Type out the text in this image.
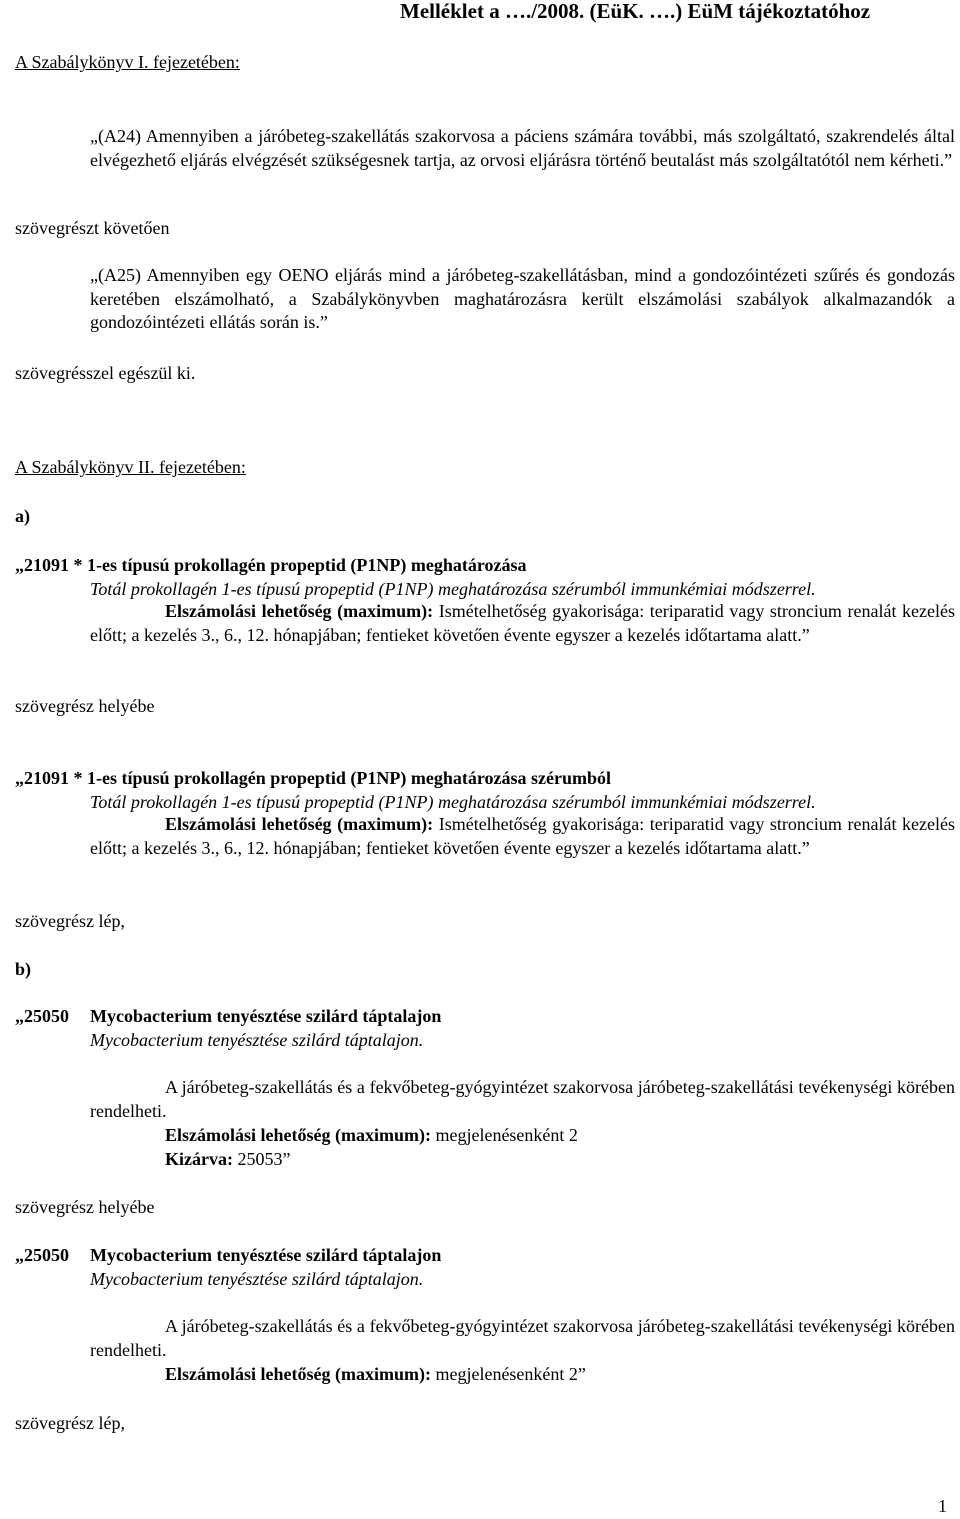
Melléklet a …./2008. (EüK. ….) EüM tájékoztatóhoz
A Szabálykönyv I. fejezetében:
„(A24) Amennyiben a járóbeteg-szakellátás szakorvosa a páciens számára további, más szolgáltató, szakrendelés által elvégezhető eljárás elvégzését szükségesnek tartja, az orvosi eljárásra történő beutalást más szolgáltatótól nem kérheti.”
szövegrészt követően
„(A25) Amennyiben egy OENO eljárás mind a járóbeteg-szakellátásban, mind a gondozóintézeti szűrés és gondozás keretében elszámolható, a Szabálykönyvben maghatározásra került elszámolási szabályok alkalmazandók a gondozóintézeti ellátás során is.”
szövegrésszel egészül ki.
A Szabálykönyv II. fejezetében:
a)
„21091 * 1-es típusú prokollagén propeptid (P1NP) meghatározása
Totál prokollagén 1-es típusú propeptid (P1NP) meghatározása szérumból immunkémiai módszerrel.
Elszámolási lehetőség (maximum): Ismételhetőség gyakorisága: teriparatid vagy stroncium renalát kezelés előtt; a kezelés 3., 6., 12. hónapjában; fentieket követően évente egyszer a kezelés időtartama alatt.”
szövegrész helyébe
„21091 * 1-es típusú prokollagén propeptid (P1NP) meghatározása szérumból
Totál prokollagén 1-es típusú propeptid (P1NP) meghatározása szérumból immunkémiai módszerrel.
Elszámolási lehetőség (maximum): Ismételhetőség gyakorisága: teriparatid vagy stroncium renalát kezelés előtt; a kezelés 3., 6., 12. hónapjában; fentieket követően évente egyszer a kezelés időtartama alatt.”
szövegrész lép,
b)
„25050 Mycobacterium tenyésztése szilárd táptalajon
Mycobacterium tenyésztése szilárd táptalajon.
A járóbeteg-szakellátás és a fekvőbeteg-gyógyintézet szakorvosa járóbeteg-szakellátási tevékenységi körében rendelheti.
Elszámolási lehetőség (maximum): megjelenésenként 2
Kizárva: 25053”
szövegrész helyébe
„25050 Mycobacterium tenyésztése szilárd táptalajon
Mycobacterium tenyésztése szilárd táptalajon.
A járóbeteg-szakellátás és a fekvőbeteg-gyógyintézet szakorvosa járóbeteg-szakellátási tevékenységi körében rendelheti.
Elszámolási lehetőség (maximum): megjelenésenként 2”
szövegrész lép,
1
